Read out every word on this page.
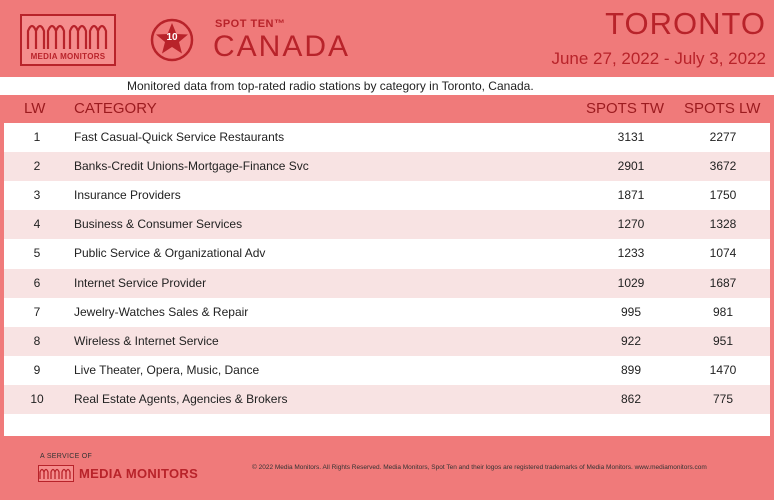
MEDIA MONITORS
10
SPOT TEN™
CANADA
TORONTO
June 27, 2022 - July 3, 2022
Monitored data from top-rated radio stations by category in Toronto, Canada.
LW CATEGORY	SPOTS TW SPOTS LW
1	Fast Casual-Quick Service Restaurants	3131	2277
2	Banks-Credit Unions-Mortgage-Finance Svc	2901	3672
3	Insurance Providers	1871	1750
4	Business & Consumer Services	1270	1328
5	Public Service & Organizational Adv	1233	1074
6	Internet Service Provider	1029	1687
7	Jewelry-Watches Sales & Repair	995	981
8	Wireless & Internet Service	922	951
9	Live Theater, Opera, Music, Dance	899	1470
10	Real Estate Agents, Agencies & Brokers	862	775
A SERVICE OF
MEDIA MONITORS	© 2022 Media Monitors. All Rights Reserved. Media Monitors, Spot Ten and their logos are registered trademarks of Media Monitors. www.mediamonitors.com
